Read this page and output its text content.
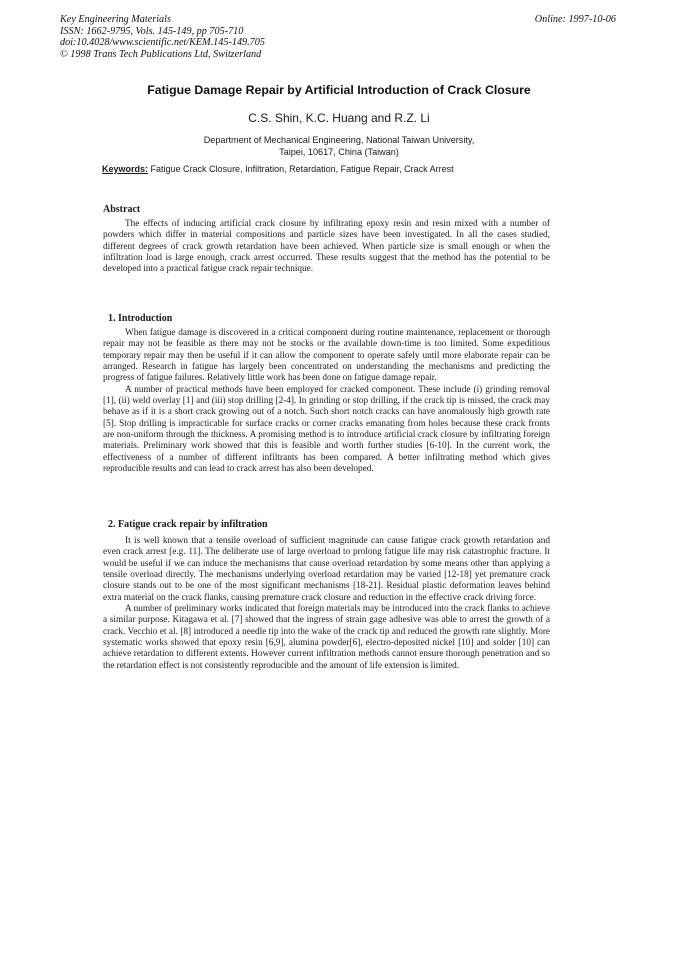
Key Engineering Materials
ISSN: 1662-9795, Vols. 145-149, pp 705-710
doi:10.4028/www.scientific.net/KEM.145-149.705
© 1998 Trans Tech Publications Ltd, Switzerland
Online: 1997-10-06
Fatigue Damage Repair by Artificial Introduction of Crack Closure
C.S. Shin, K.C. Huang and R.Z. Li
Department of Mechanical Engineering, National Taiwan University,
Taipei, 10617, China (Taiwan)
Keywords: Fatigue Crack Closure, Infiltration, Retardation, Fatigue Repair, Crack Arrest
Abstract

The effects of inducing artificial crack closure by infiltrating epoxy resin and resin mixed with a number of powders which differ in material compositions and particle sizes have been investigated. In all the cases studied, different degrees of crack growth retardation have been achieved. When particle size is small enough or when the infiltration load is large enough, crack arrest occurred. These results suggest that the method has the potential to be developed into a practical fatigue crack repair technique.

1. Introduction

When fatigue damage is discovered in a critical component during routine maintenance, replacement or thorough repair may not be feasible as there may not be stocks or the available down-time is too limited. Some expeditious temporary repair may then be useful if it can allow the component to operate safely until more elaborate repair can be arranged. Research in fatigue has largely been concentrated on understanding the mechanisms and predicting the progress of fatigue failures. Relatively little work has been done on fatigue damage repair.

A number of practical methods have been employed for cracked component. These include (i) grinding removal [1], (ii) weld overlay [1] and (iii) stop drilling [2-4]. In grinding or stop drilling, if the crack tip is missed, the crack may behave as if it is a short crack growing out of a notch. Such short notch cracks can have anomalously high growth rate [5]. Stop drilling is impracticable for surface cracks or corner cracks emanating from holes because these crack fronts are non-uniform through the thickness. A promising method is to introduce artificial crack closure by infiltrating foreign materials. Preliminary work showed that this is feasible and worth further studies [6-10]. In the current work, the effectiveness of a number of different infiltrants has been compared. A better infiltrating method which gives reproducible results and can lead to crack arrest has also been developed.

2. Fatigue crack repair by infiltration

It is well known that a tensile overload of sufficient magnitude can cause fatigue crack growth retardation and even crack arrest [e.g. 11]. The deliberate use of large overload to prolong fatigue life may risk catastrophic fracture. It would be useful if we can induce the mechanisms that cause overload retardation by some means other than applying a tensile overload directly. The mechanisms underlying overload retardation may be varied [12-18] yet premature crack closure stands out to be one of the most significant mechanisms [18-21]. Residual plastic deformation leaves behind extra material on the crack flanks, causing premature crack closure and reduction in the effective crack driving force.

A number of preliminary works indicated that foreign materials may be introduced into the crack flanks to achieve a similar purpose. Kitagawa et al. [7] showed that the ingress of strain gage adhesive was able to arrest the growth of a crack. Vecchio et al. [8] introduced a needle tip into the wake of the crack tip and reduced the growth rate slightly. More systematic works showed that epoxy resin [6,9], alumina powder[6], electro-deposited nickel [10] and solder [10] can achieve retardation to different extents. However current infiltration methods cannot ensure thorough penetration and so the retardation effect is not consistently reproducible and the amount of life extension is limited.
